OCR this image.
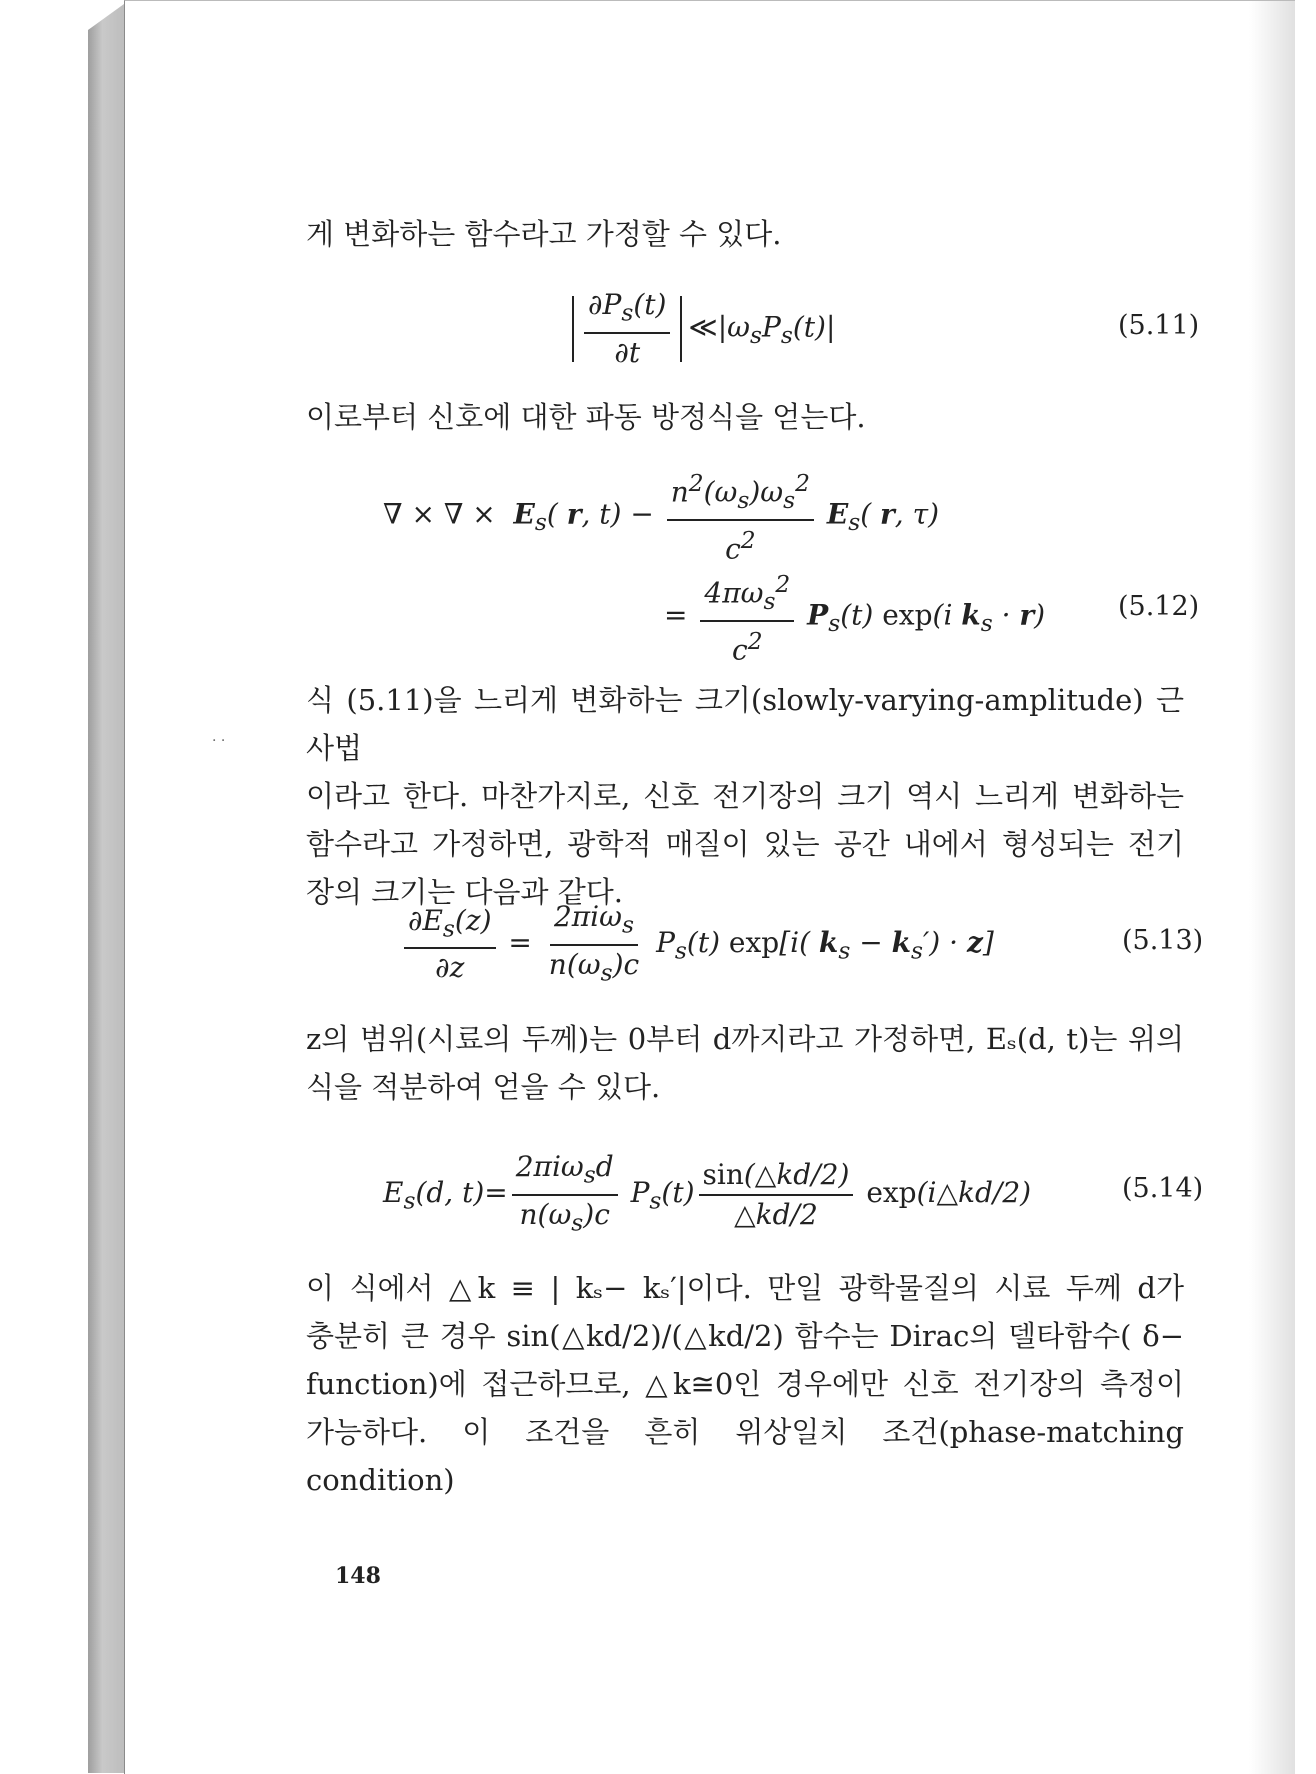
게 변화하는 함수라고 가정할 수 있다.
$\frac{\partial P_s(t)}{\partial t}$ $≪|\omega_sP_s(t)|$	(5.11)
이로부터 신호에 대한 파동 방정식을 얻는다.
∇ × ∇ × $E_s$( r, $t) - \frac{n^2(\omega_s)\omega_s^2}{c^2} E_s$( r, τ)
= $\frac{4\pi\omega_s^2}{c^2} P_s(t)$ exp(i $k_s \cdot r$)	(5.12)
식 (5.11)을 느리게 변화하는 크기(slowly-varying-amplitude) 근사법
이라고 한다. 마찬가지로, 신호 전기장의 크기 역시 느리게 변화하는
함수라고 가정하면, 광학적 매질이 있는 공간 내에서 형성되는 전기
장의 크기는 다음과 같다.
· ·
$\frac{\partial E_s(z)}{\partial z} = \frac{2\pi i\omega_s}{n(\omega_s)c} P_s(t)$ exp[i( $k_s - k_s') \cdot z$]	(5.13)
z의 범위(시료의 두께)는 0부터 d까지라고 가정하면, Eₛ(d, t)는 위의
식을 적분하여 얻을 수 있다.
$E_s(d$, $t)= \frac{2\pi i\omega_sd}{n(\omega_s)c} P_s(t) \frac{\sin(\triangle kd/2)}{\triangle kd/2}$ exp(i△kd/2)	(5.14)
이 식에서 △k ≡ | kₛ− kₛ′|이다. 만일 광학물질의 시료 두께 d가
충분히 큰 경우 sin(△kd/2)/(△kd/2) 함수는 Dirac의 델타함수( δ−
function)에 접근하므로, △k≅0인 경우에만 신호 전기장의 측정이
가능하다. 이 조건을 흔히 위상일치 조건(phase-matching condition)
148
